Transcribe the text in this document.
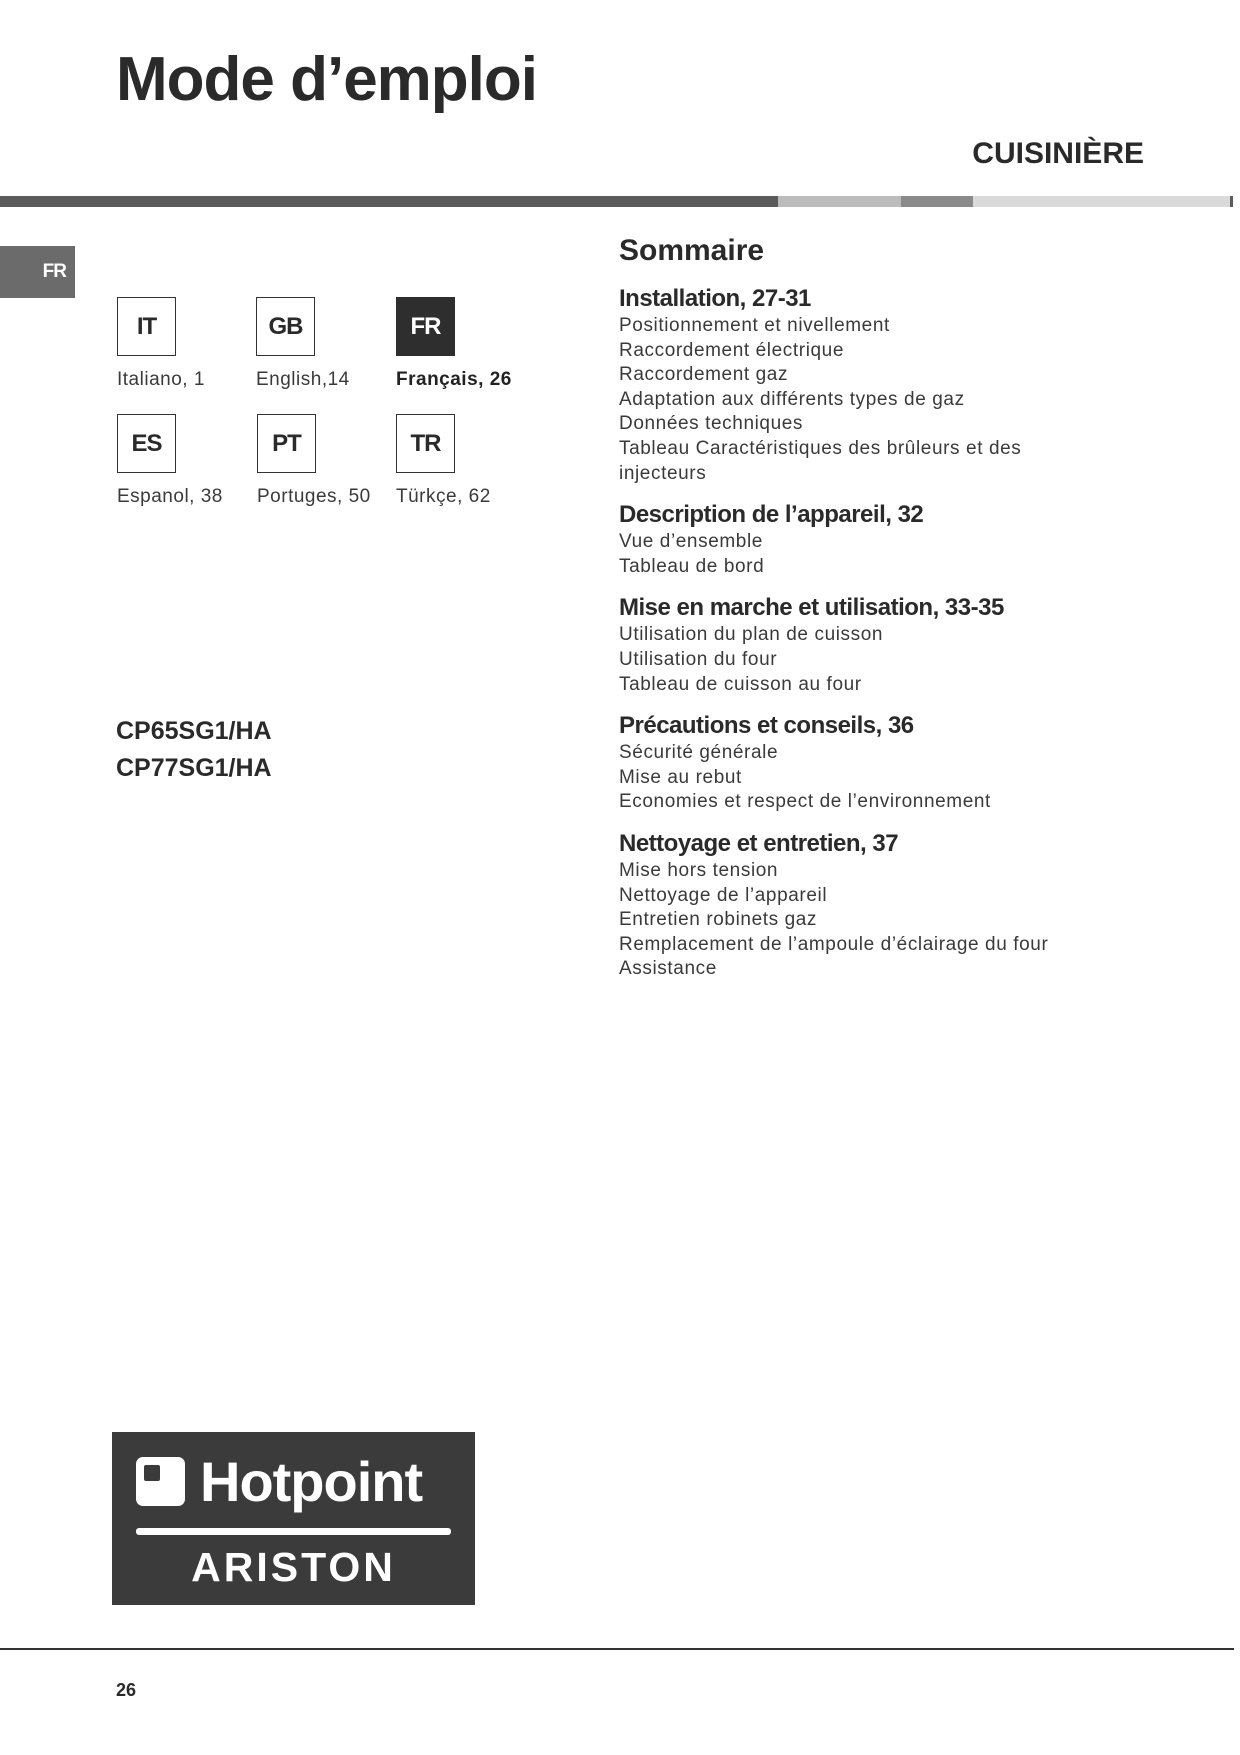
Mode d’emploi
CUISINIÈRE
FR
IT
Italiano, 1
GB
English,14
FR
Français, 26
ES
Espanol, 38
PT
Portuges, 50
TR
Türkçe, 62
CP65SG1/HA
CP77SG1/HA
Sommaire
Installation, 27-31
Positionnement et nivellement
Raccordement électrique
Raccordement gaz
Adaptation aux différents types de gaz
Données techniques
Tableau Caractéristiques des brûleurs et des
injecteurs
Description de l’appareil, 32
Vue d’ensemble
Tableau de bord
Mise en marche et utilisation, 33-35
Utilisation du plan de cuisson
Utilisation du four
Tableau de cuisson au four
Précautions et conseils, 36
Sécurité générale
Mise au rebut
Economies et respect de l’environnement
Nettoyage et entretien, 37
Mise hors tension
Nettoyage de l’appareil
Entretien robinets gaz
Remplacement de l’ampoule d’éclairage du four
Assistance
Hotpoint
ARISTON
26
